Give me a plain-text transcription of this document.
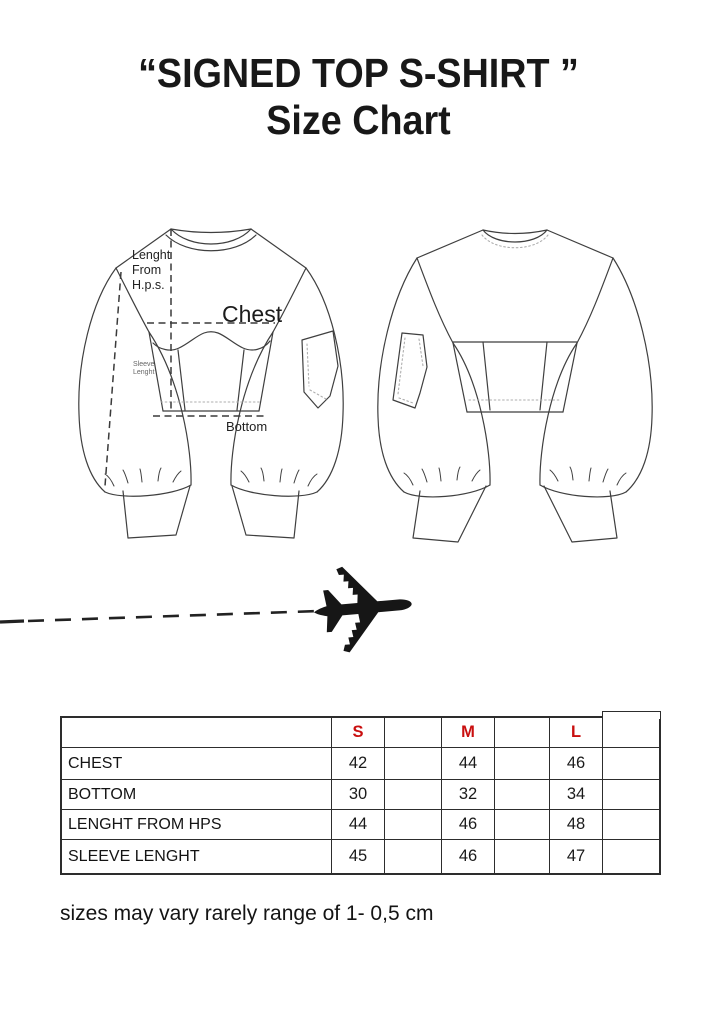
“SIGNED TOP S-SHIRT ”
Size Chart
Lenght
From
H.p.s.
Chest
Sleeve
Lenght
Bottom
S	M	L
CHEST	42	44	46
BOTTOM	30	32	34
LENGHT FROM HPS	44	46	48
SLEEVE LENGHT	45	46	47
sizes may vary rarely range of 1- 0,5 cm
